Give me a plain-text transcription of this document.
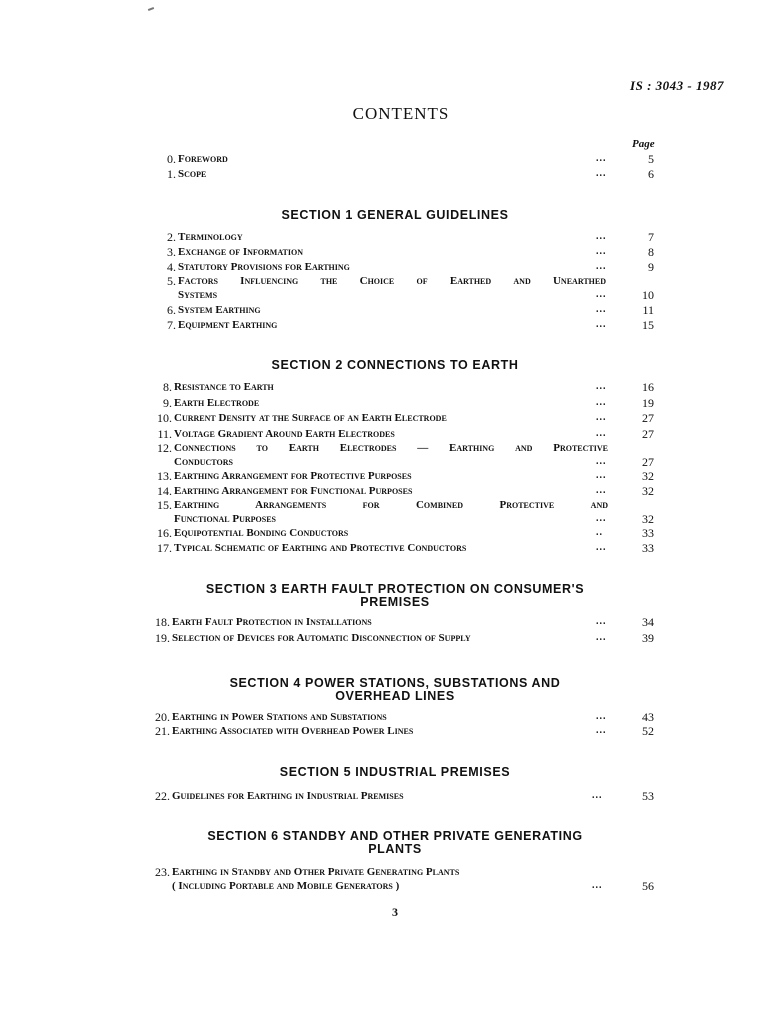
IS : 3043 - 1987
CONTENTS
Page
0. Foreword	...	5
1. Scope	...	6
SECTION 1 GENERAL GUIDELINES
2. Terminology	...	7
3. Exchange of Information	...	8
4. Statutory Provisions for Earthing	...	9
5. Factors Influencing the Choice of Earthed and Unearthed
Systems	...	10
6. System Earthing	...	11
7. Equipment Earthing	...	15
SECTION 2 CONNECTIONS TO EARTH
8. Resistance to Earth	...	16
9. Earth Electrode	...	19
10. Current Density at the Surface of an Earth Electrode	...	27
11. Voltage Gradient Around Earth Electrodes	...	27
12. Connections to Earth Electrodes — Earthing and Protective
Conductors	...	27
13. Earthing Arrangement for Protective Purposes	...	32
14. Earthing Arrangement for Functional Purposes	...	32
15. Earthing Arrangements for Combined Protective and
Functional Purposes	...	32
16. Equipotential Bonding Conductors	..	33
17. Typical Schematic of Earthing and Protective Conductors	...	33
SECTION 3 EARTH FAULT PROTECTION ON CONSUMER'S
PREMISES
18. Earth Fault Protection in Installations	...	34
19. Selection of Devices for Automatic Disconnection of Supply	...	39
SECTION 4 POWER STATIONS, SUBSTATIONS AND
OVERHEAD LINES
20. Earthing in Power Stations and Substations	...	43
21. Earthing Associated with Overhead Power Lines	...	52
SECTION 5 INDUSTRIAL PREMISES
22. Guidelines for Earthing in Industrial Premises	...	53
SECTION 6 STANDBY AND OTHER PRIVATE GENERATING
PLANTS
23. Earthing in Standby and Other Private Generating Plants
( Including Portable and Mobile Generators )	...	56
3
